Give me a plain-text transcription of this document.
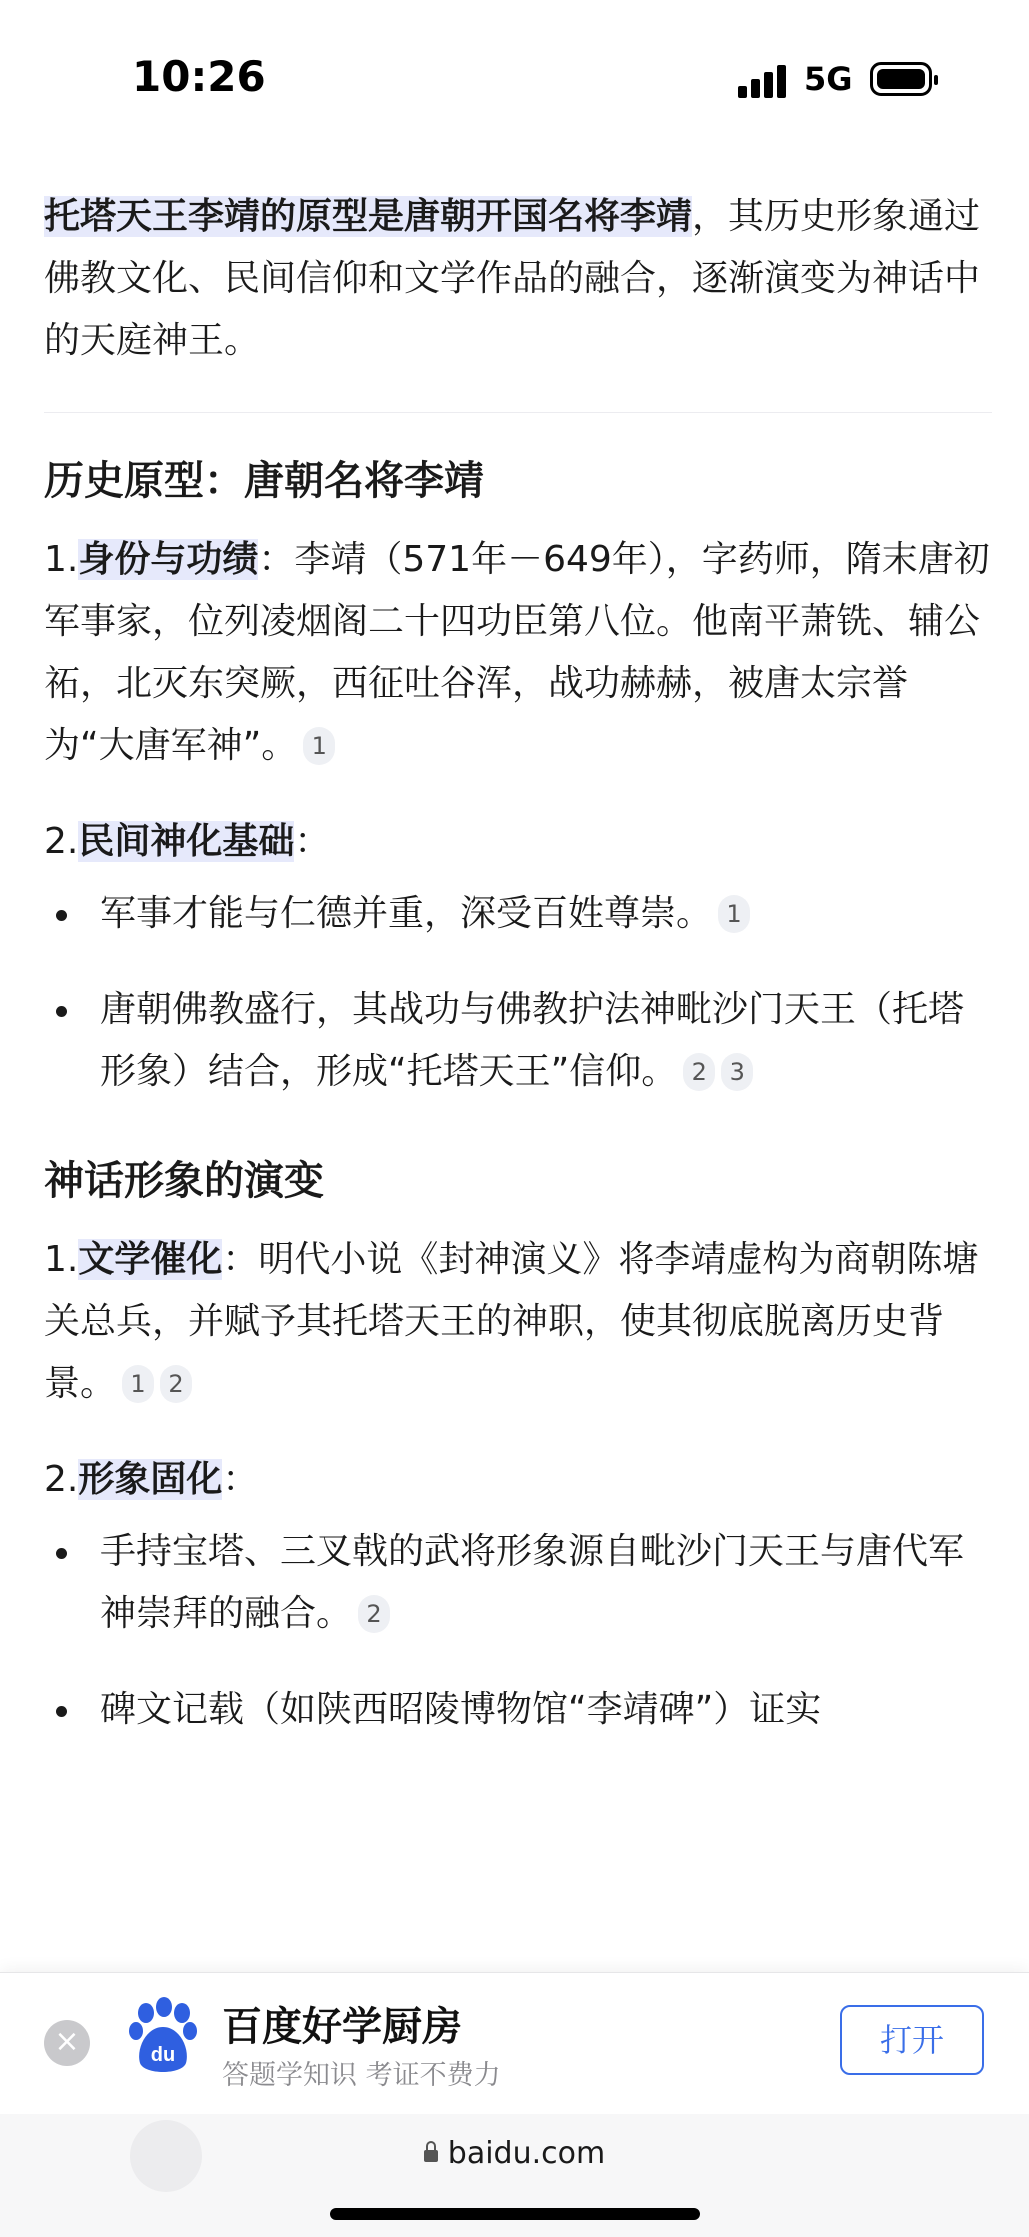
10:26	5G

托塔天王李靖的原型是唐朝开国名将李靖，其历史形象通过佛教文化、民间信仰和文学作品的融合，逐渐演变为神话中的天庭神王。

历史原型：唐朝名将李靖

1.身份与功绩：李靖（571年－649年），字药师，隋末唐初军事家，位列凌烟阁二十四功臣第八位。他南平萧铣、辅公祏，北灭东突厥，西征吐谷浑，战功赫赫，被唐太宗誉为“大唐军神”。 1

2.民间神化基础：

军事才能与仁德并重，深受百姓尊崇。 1
唐朝佛教盛行，其战功与佛教护法神毗沙门天王（托塔形象）结合，形成“托塔天王”信仰。 2 3
神话形象的演变

1.文学催化：明代小说《封神演义》将李靖虚构为商朝陈塘关总兵，并赋予其托塔天王的神职，使其彻底脱离历史背景。 1 2

2.形象固化：

手持宝塔、三叉戟的武将形象源自毗沙门天王与唐代军神崇拜的融合。 2
碑文记载（如陕西昭陵博物馆“李靖碑”）证实
×	du
百度好学厨房
答题学知识 考证不费力
打开
baidu.com
